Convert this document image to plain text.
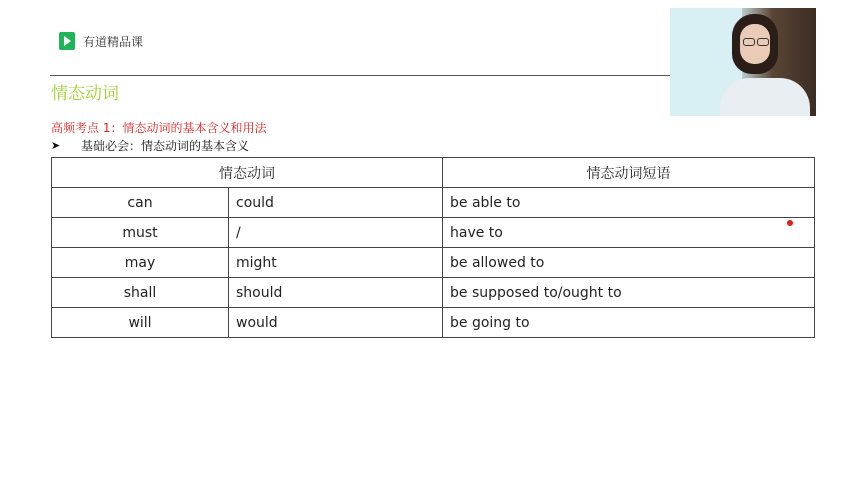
有道精品课
情态动词
高频考点 1：情态动词的基本含义和用法
➤	基础必会：情态动词的基本含义
情态动词		情态动词短语
can	could	be able to
must	/	have to
may	might	be allowed to
shall	should	be supposed to/ought to
will	would	be going to
